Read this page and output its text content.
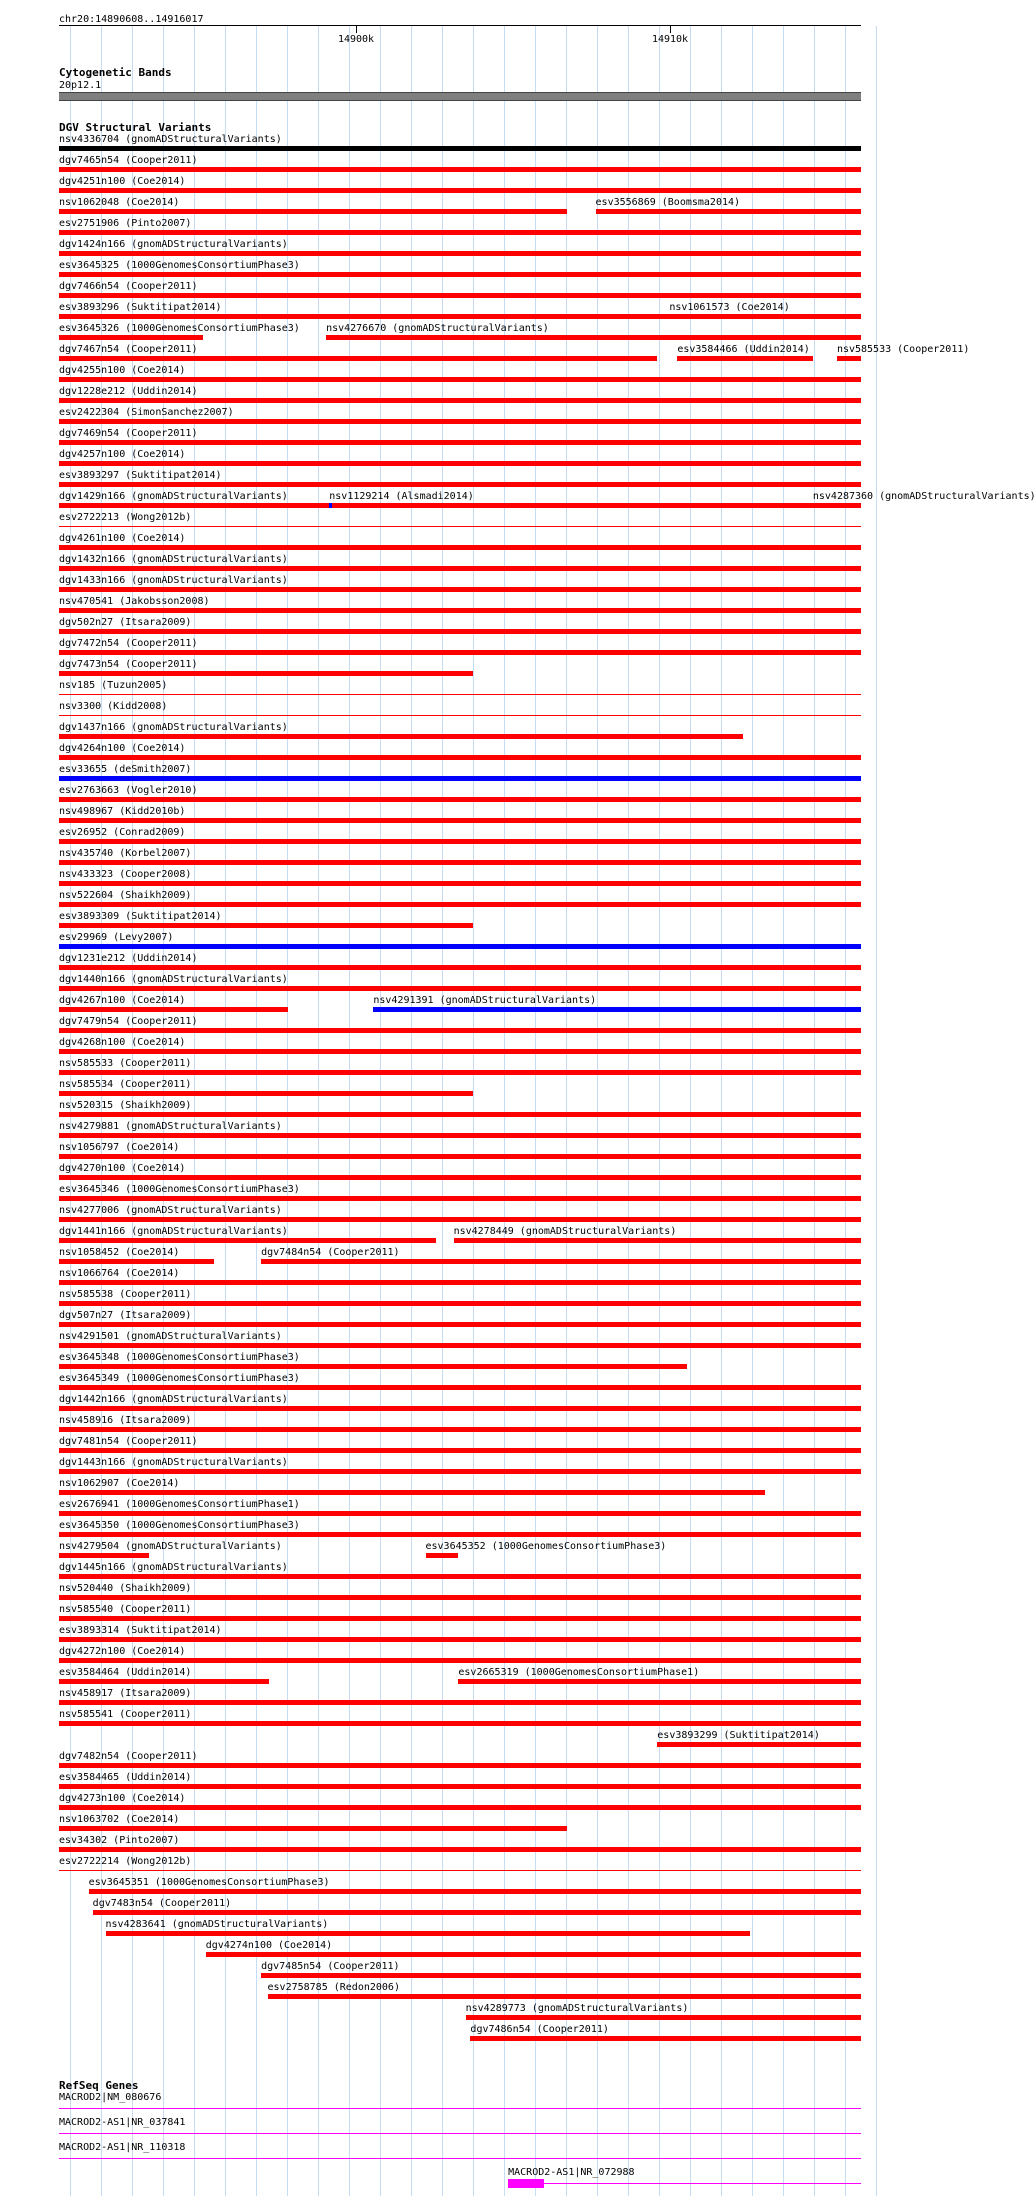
chr20:14890608..14916017
14900k	14910k
Cytogenetic Bands
20p12.1
DGV Structural Variants
nsv4336704 (gnomADStructuralVariants)
dgv7465n54 (Cooper2011)
dgv4251n100 (Coe2014)
nsv1062048 (Coe2014)	esv3556869 (Boomsma2014)
esv2751906 (Pinto2007)
dgv1424n166 (gnomADStructuralVariants)
esv3645325 (1000GenomesConsortiumPhase3)
dgv7466n54 (Cooper2011)
esv3893296 (Suktitipat2014)	nsv1061573 (Coe2014)
esv3645326 (1000GenomesConsortiumPhase3)	nsv4276670 (gnomADStructuralVariants)
dgv7467n54 (Cooper2011)	esv3584466 (Uddin2014)	nsv585533 (Cooper2011)
dgv4255n100 (Coe2014)
dgv1228e212 (Uddin2014)
esv2422304 (SimonSanchez2007)
dgv7469n54 (Cooper2011)
dgv4257n100 (Coe2014)
esv3893297 (Suktitipat2014)
dgv1429n166 (gnomADStructuralVariants)	nsv1129214 (Alsmadi2014)	nsv4287360 (gnomADStructuralVariants)
esv2722213 (Wong2012b)
dgv4261n100 (Coe2014)
dgv1432n166 (gnomADStructuralVariants)
dgv1433n166 (gnomADStructuralVariants)
nsv470541 (Jakobsson2008)
dgv502n27 (Itsara2009)
dgv7472n54 (Cooper2011)
dgv7473n54 (Cooper2011)
nsv185 (Tuzun2005)
nsv3300 (Kidd2008)
dgv1437n166 (gnomADStructuralVariants)
dgv4264n100 (Coe2014)
esv33655 (deSmith2007)
esv2763663 (Vogler2010)
nsv498967 (Kidd2010b)
esv26952 (Conrad2009)
nsv435740 (Korbel2007)
nsv433323 (Cooper2008)
nsv522604 (Shaikh2009)
esv3893309 (Suktitipat2014)
esv29969 (Levy2007)
dgv1231e212 (Uddin2014)
dgv1440n166 (gnomADStructuralVariants)
dgv4267n100 (Coe2014)	nsv4291391 (gnomADStructuralVariants)
dgv7479n54 (Cooper2011)
dgv4268n100 (Coe2014)
nsv585533 (Cooper2011)
nsv585534 (Cooper2011)
nsv520315 (Shaikh2009)
nsv4279881 (gnomADStructuralVariants)
nsv1056797 (Coe2014)
dgv4270n100 (Coe2014)
esv3645346 (1000GenomesConsortiumPhase3)
nsv4277006 (gnomADStructuralVariants)
dgv1441n166 (gnomADStructuralVariants)	nsv4278449 (gnomADStructuralVariants)
nsv1058452 (Coe2014)	dgv7484n54 (Cooper2011)
nsv1066764 (Coe2014)
nsv585538 (Cooper2011)
dgv507n27 (Itsara2009)
nsv4291501 (gnomADStructuralVariants)
esv3645348 (1000GenomesConsortiumPhase3)
esv3645349 (1000GenomesConsortiumPhase3)
dgv1442n166 (gnomADStructuralVariants)
nsv458916 (Itsara2009)
dgv7481n54 (Cooper2011)
dgv1443n166 (gnomADStructuralVariants)
nsv1062907 (Coe2014)
esv2676941 (1000GenomesConsortiumPhase1)
esv3645350 (1000GenomesConsortiumPhase3)
nsv4279504 (gnomADStructuralVariants)	esv3645352 (1000GenomesConsortiumPhase3)
dgv1445n166 (gnomADStructuralVariants)
nsv520440 (Shaikh2009)
nsv585540 (Cooper2011)
esv3893314 (Suktitipat2014)
dgv4272n100 (Coe2014)
esv3584464 (Uddin2014)	esv2665319 (1000GenomesConsortiumPhase1)
nsv458917 (Itsara2009)
nsv585541 (Cooper2011)
esv3893299 (Suktitipat2014)
dgv7482n54 (Cooper2011)
esv3584465 (Uddin2014)
dgv4273n100 (Coe2014)
nsv1063702 (Coe2014)
esv34302 (Pinto2007)
esv2722214 (Wong2012b)
esv3645351 (1000GenomesConsortiumPhase3)
dgv7483n54 (Cooper2011)
nsv4283641 (gnomADStructuralVariants)
dgv4274n100 (Coe2014)
dgv7485n54 (Cooper2011)
esv2758785 (Redon2006)
nsv4289773 (gnomADStructuralVariants)
dgv7486n54 (Cooper2011)
RefSeq Genes
MACROD2|NM_080676
MACROD2-AS1|NR_037841
MACROD2-AS1|NR_110318
MACROD2-AS1|NR_072988
